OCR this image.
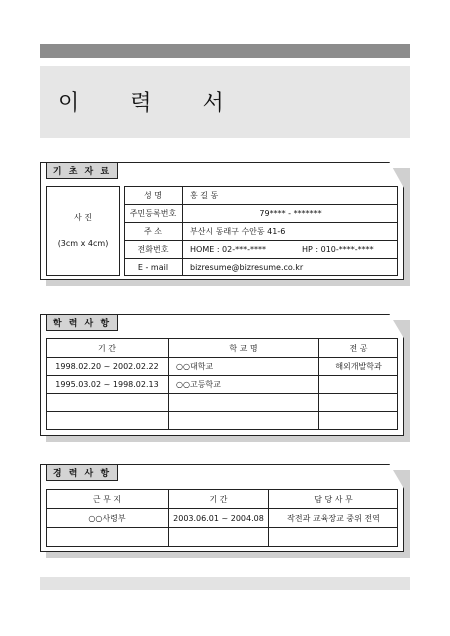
이 력 서
기 초 자 료
사 진
(3cm x 4cm)
성 명	홍 길 동
주민등록번호	79**** - *******
주 소	부산시 동래구 수안동 41-6
전화번호	HOME : 02-***-****	HP : 010-****-****
E - mail	bizresume@bizresume.co.kr
학 력 사 항
기 간	학 교 명	전 공
1998.02.20 ~ 2002.02.22	○○대학교	해외개발학과
1995.03.02 ~ 1998.02.13	○○고등학교
경 력 사 항
근 무 지	기 간	담 당 사 무
○○사령부	2003.06.01 ~ 2004.08	작전과 교육장교 중위 전역
